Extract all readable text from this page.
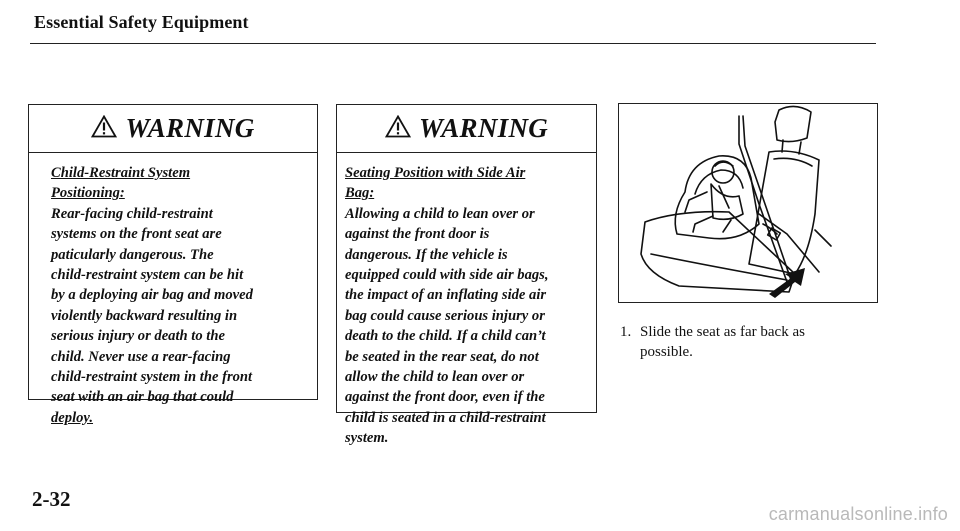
Essential Safety Equipment
WARNING
Child-Restraint System
Positioning:
Rear-facing child-restraint
systems on the front seat are
paticularly dangerous. The
child-restraint system can be hit
by a deploying air bag and moved
violently backward resulting in
serious injury or death to the
child. Never use a rear-facing
child-restraint system in the front
seat with an air bag that could
deploy.
WARNING
Seating Position with Side Air
Bag:
Allowing a child to lean over or
against the front door is
dangerous. If the vehicle is
equipped could with side air bags,
the impact of an inflating side air
bag could cause serious injury or
death to the child. If a child can’t
be seated in the rear seat, do not
allow the child to lean over or
against the front door, even if the
child is seated in a child-restraint
system.
1. Slide the seat as far back as
possible.
2-32
carmanualsonline.info
